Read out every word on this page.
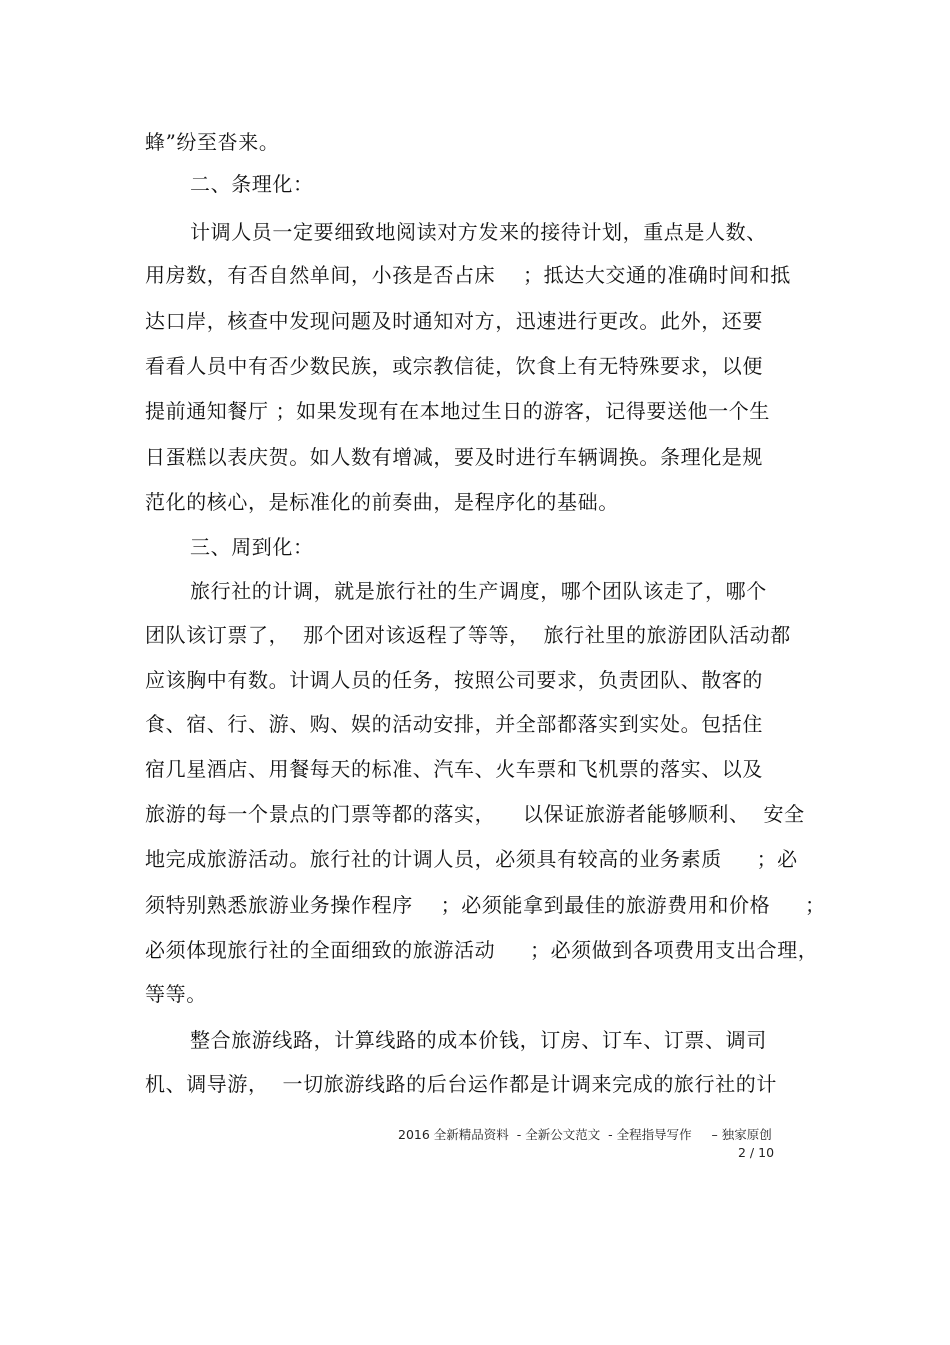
蜂”纷至沓来。
二、条理化：
计调人员一定要细致地阅读对方发来的接待计划，重点是人数、
用房数，有否自然单间，小孩是否占床    ；抵达大交通的准确时间和抵
达口岸，核查中发现问题及时通知对方，迅速进行更改。此外，还要
看看人员中有否少数民族，或宗教信徒，饮食上有无特殊要求，以便
提前通知餐厅 ；如果发现有在本地过生日的游客，记得要送他一个生
日蛋糕以表庆贺。如人数有增减，要及时进行车辆调换。条理化是规
范化的核心，是标准化的前奏曲，是程序化的基础。
三、周到化：
旅行社的计调，就是旅行社的生产调度，哪个团队该走了，哪个
团队该订票了，  那个团对该返程了等等，  旅行社里的旅游团队活动都
应该胸中有数。计调人员的任务，按照公司要求，负责团队、散客的
食、宿、行、游、购、娱的活动安排，并全部都落实到实处。包括住
宿几星酒店、用餐每天的标准、汽车、火车票和飞机票的落实、以及
旅游的每一个景点的门票等都的落实，    以保证旅游者能够顺利、  安全
地完成旅游活动。旅行社的计调人员，必须具有较高的业务素质     ；必
须特别熟悉旅游业务操作程序    ；必须能拿到最佳的旅游费用和价格     ；
必须体现旅行社的全面细致的旅游活动     ；必须做到各项费用支出合理，
等等。
整合旅游线路，计算线路的成本价钱，订房、订车、订票、调司
机、调导游，  一切旅游线路的后台运作都是计调来完成的旅行社的计
2016 全新精品资料  - 全新公文范文  - 全程指导写作     – 独家原创
2 / 10
